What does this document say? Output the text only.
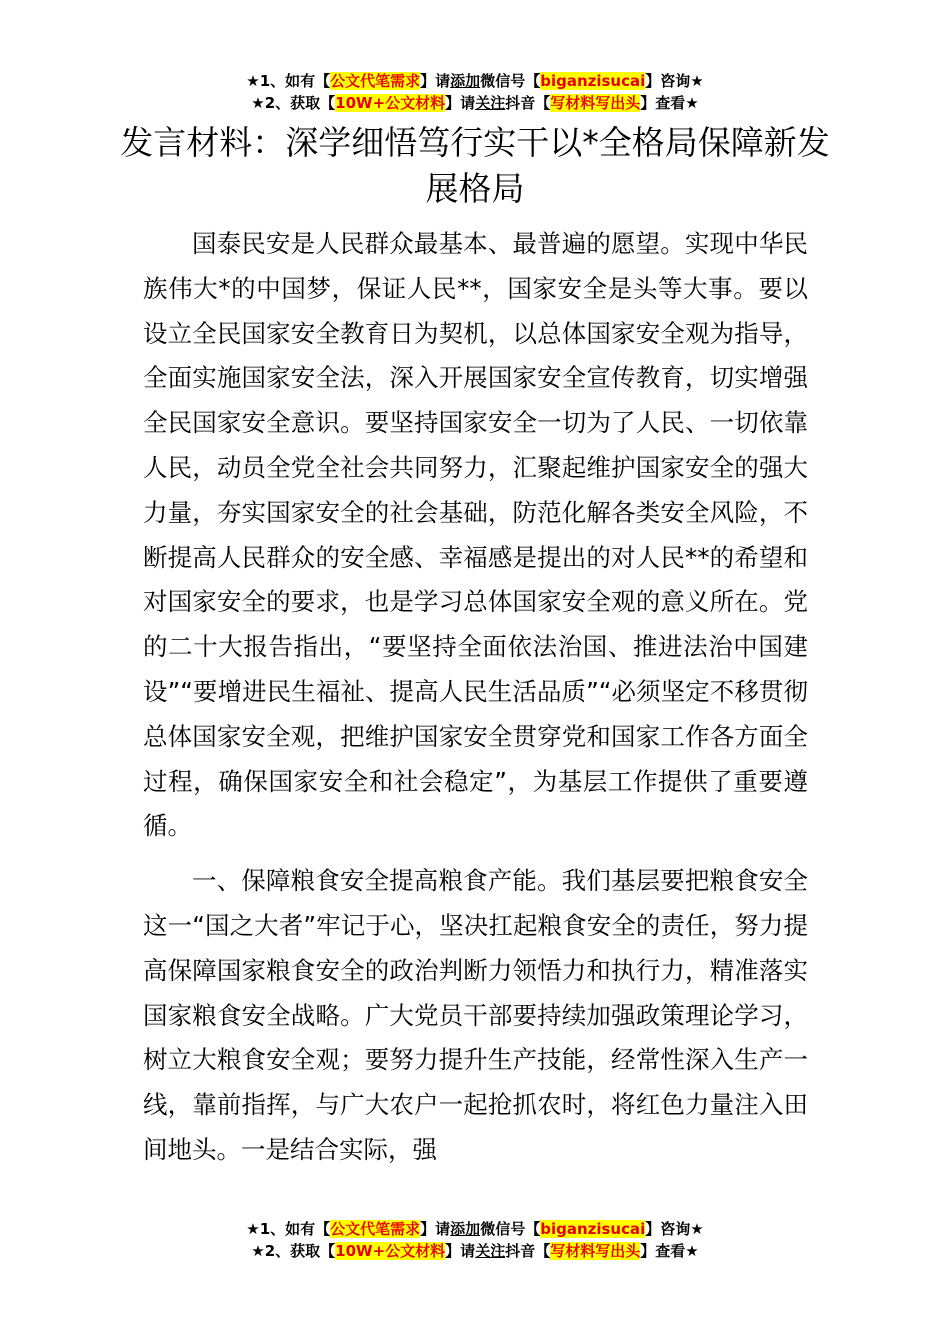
★1、如有【公文代笔需求】请添加微信号【biganzisucai】咨询★
★2、获取【10W+公文材料】请关注抖音【写材料写出头】查看★
发言材料：深学细悟笃行实干以*全格局保障新发展格局

国泰民安是人民群众最基本、最普遍的愿望。实现中华民族伟大*的中国梦，保证人民**，国家安全是头等大事。要以设立全民国家安全教育日为契机，以总体国家安全观为指导，全面实施国家安全法，深入开展国家安全宣传教育，切实增强全民国家安全意识。要坚持国家安全一切为了人民、一切依靠人民，动员全党全社会共同努力，汇聚起维护国家安全的强大力量，夯实国家安全的社会基础，防范化解各类安全风险，不断提高人民群众的安全感、幸福感是提出的对人民**的希望和对国家安全的要求，也是学习总体国家安全观的意义所在。党的二十大报告指出，“要坚持全面依法治国、推进法治中国建设”“要增进民生福祉、提高人民生活品质”“必须坚定不移贯彻总体国家安全观，把维护国家安全贯穿党和国家工作各方面全过程，确保国家安全和社会稳定”，为基层工作提供了重要遵循。

一、保障粮食安全提高粮食产能。我们基层要把粮食安全这一“国之大者”牢记于心，坚决扛起粮食安全的责任，努力提高保障国家粮食安全的政治判断力领悟力和执行力，精准落实国家粮食安全战略。广大党员干部要持续加强政策理论学习，树立大粮食安全观；要努力提升生产技能，经常性深入生产一线，靠前指挥，与广大农户一起抢抓农时，将红色力量注入田间地头。一是结合实际，强

★1、如有【公文代笔需求】请添加微信号【biganzisucai】咨询★
★2、获取【10W+公文材料】请关注抖音【写材料写出头】查看★
